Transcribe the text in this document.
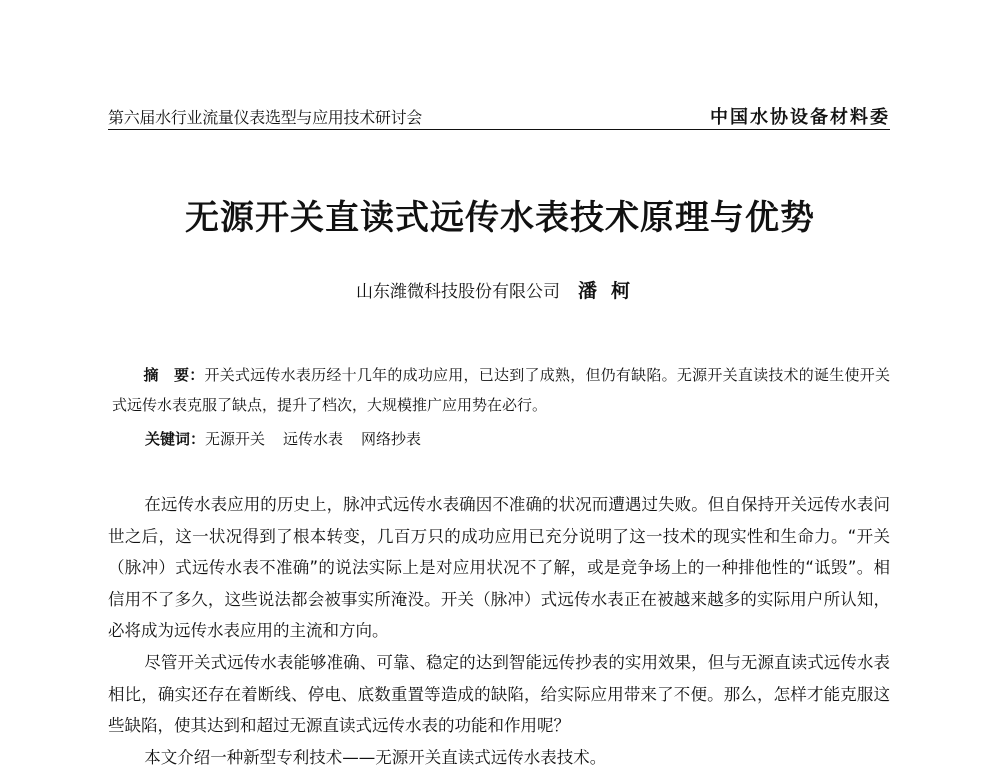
第六届水行业流量仪表选型与应用技术研讨会	中国水协设备材料委
无源开关直读式远传水表技术原理与优势
山东潍微科技股份有限公司 潘柯
摘　要：开关式远传水表历经十几年的成功应用，已达到了成熟，但仍有缺陷。无源开关直读技术的诞生使开关式远传水表克服了缺点，提升了档次，大规模推广应用势在必行。
关键词：无源开关 远传水表 网络抄表

在远传水表应用的历史上，脉冲式远传水表确因不准确的状况而遭遇过失败。但自保持开关远传水表问世之后，这一状况得到了根本转变，几百万只的成功应用已充分说明了这一技术的现实性和生命力。“开关（脉冲）式远传水表不准确”的说法实际上是对应用状况不了解，或是竞争场上的一种排他性的“诋毁”。相信用不了多久，这些说法都会被事实所淹没。开关（脉冲）式远传水表正在被越来越多的实际用户所认知，必将成为远传水表应用的主流和方向。

尽管开关式远传水表能够准确、可靠、稳定的达到智能远传抄表的实用效果，但与无源直读式远传水表相比，确实还存在着断线、停电、底数重置等造成的缺陷，给实际应用带来了不便。那么，怎样才能克服这些缺陷，使其达到和超过无源直读式远传水表的功能和作用呢？

本文介绍一种新型专利技术——无源开关直读式远传水表技术。
